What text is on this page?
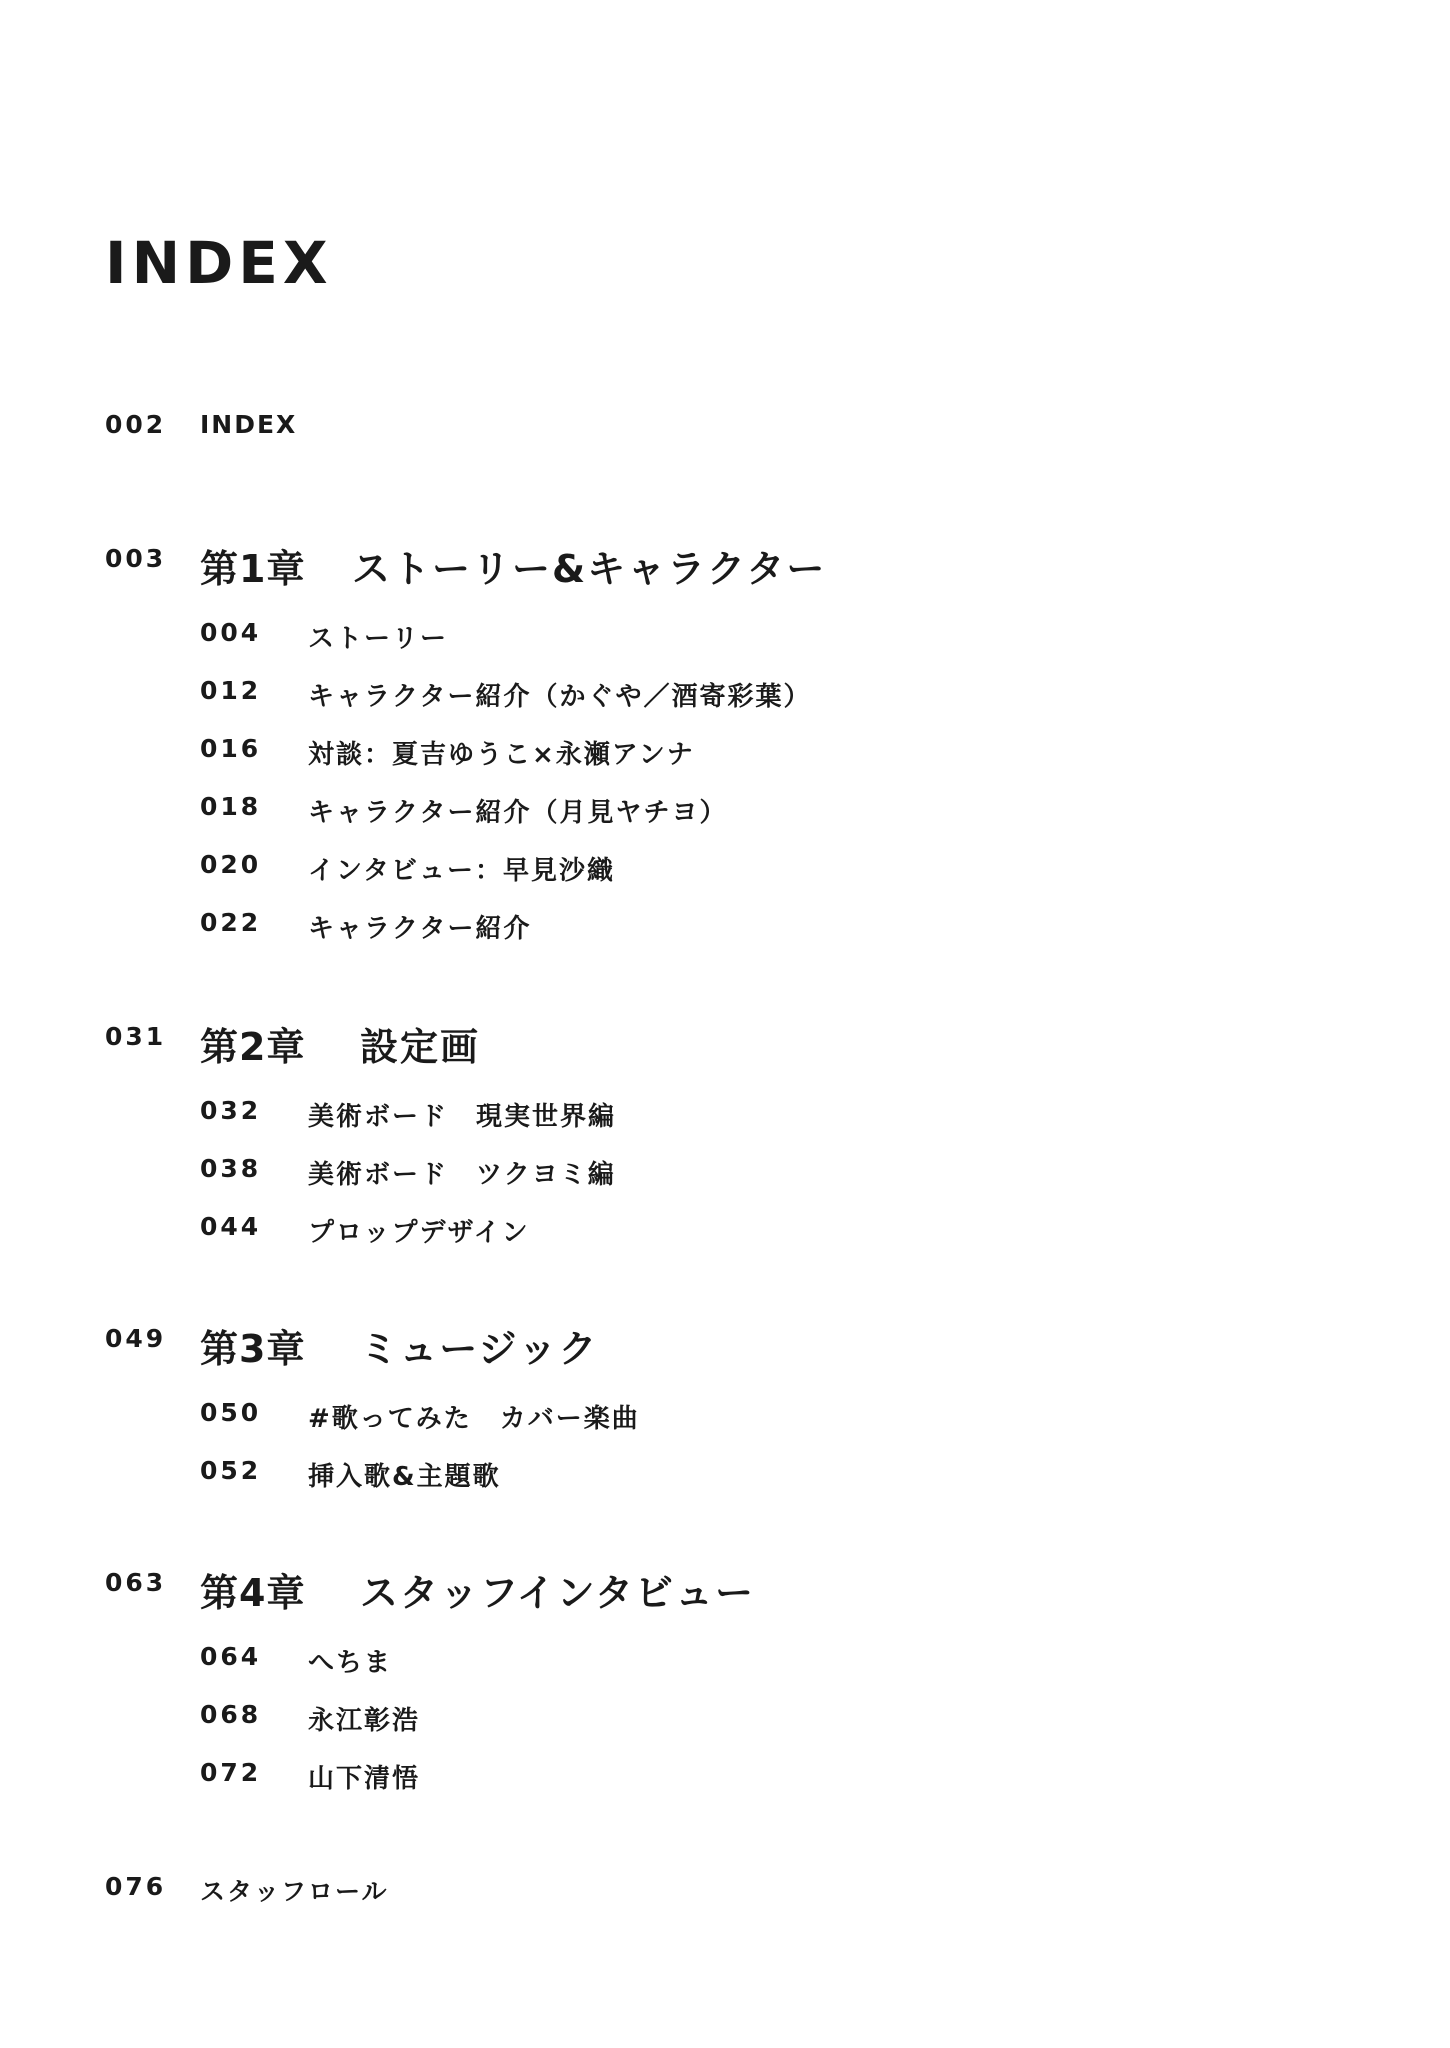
INDEX
002 INDEX
003 第1章 ストーリー&キャラクター
004 ストーリー
012 キャラクター紹介（かぐや／酒寄彩葉）
016 対談：夏吉ゆうこ×永瀬アンナ
018 キャラクター紹介（月見ヤチヨ）
020 インタビュー：早見沙織
022 キャラクター紹介
031 第2章 設定画
032 美術ボード　現実世界編
038 美術ボード　ツクヨミ編
044 プロップデザイン
049 第3章 ミュージック
050 #歌ってみた　カバー楽曲
052 挿入歌&主題歌
063 第4章 スタッフインタビュー
064 へちま
068 永江彰浩
072 山下清悟
076 スタッフロール
